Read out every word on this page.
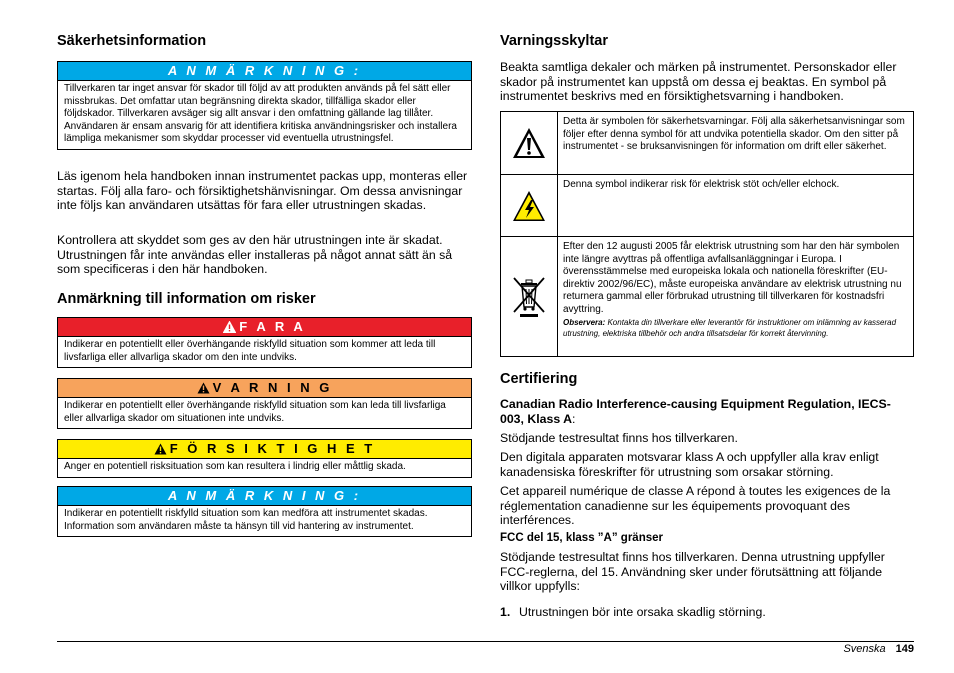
Säkerhetsinformation
A N M Ä R K N I N G :
Tillverkaren tar inget ansvar för skador till följd av att produkten används på fel sätt eller missbrukas. Det omfattar utan begränsning direkta skador, tillfälliga skador eller följdskador. Tillverkaren avsäger sig allt ansvar i den omfattning gällande lag tillåter. Användaren är ensam ansvarig för att identifiera kritiska användningsrisker och installera lämpliga mekanismer som skyddar processer vid eventuella utrustningsfel.

Läs igenom hela handboken innan instrumentet packas upp, monteras eller startas. Följ alla faro- och försiktighetshänvisningar. Om dessa anvisningar inte följs kan användaren utsättas för fara eller utrustningen skadas.

Kontrollera att skyddet som ges av den här utrustningen inte är skadat. Utrustningen får inte användas eller installeras på något annat sätt än så som specificeras i den här handboken.

Anmärkning till information om risker
F A R A
Indikerar en potentiellt eller överhängande riskfylld situation som kommer att leda till livsfarliga eller allvarliga skador om den inte undviks.
V A R N I N G
Indikerar en potentiellt eller överhängande riskfylld situation som kan leda till livsfarliga eller allvarliga skador om situationen inte undviks.
F Ö R S I K T I G H E T
Anger en potentiell risksituation som kan resultera i lindrig eller måttlig skada.
A N M Ä R K N I N G :
Indikerar en potentiellt riskfylld situation som kan medföra att instrumentet skadas. Information som användaren måste ta hänsyn till vid hantering av instrumentet.
Varningsskyltar

Beakta samtliga dekaler och märken på instrumentet. Personskador eller skador på instrumentet kan uppstå om dessa ej beaktas. En symbol på instrumentet beskrivs med en försiktighetsvarning i handboken.

Detta är symbolen för säkerhetsvarningar. Följ alla säkerhetsanvisningar som följer efter denna symbol för att undvika potentiella skador. Om den sitter på instrumentet - se bruksanvisningen för information om drift eller säkerhet.
Denna symbol indikerar risk för elektrisk stöt och/eller elchock.
Efter den 12 augusti 2005 får elektrisk utrustning som har den här symbolen inte längre avyttras på offentliga avfallsanläggningar i Europa. I överensstämmelse med europeiska lokala och nationella föreskrifter (EU-direktiv 2002/96/EC), måste europeiska användare av elektrisk utrustning nu returnera gammal eller förbrukad utrustning till tillverkaren för kostnadsfri avyttring.
Observera: Kontakta din tillverkare eller leverantör för instruktioner om inlämning av kasserad utrustning, elektriska tillbehör och andra tillsatsdelar för korrekt återvinning.
Certifiering

Canadian Radio Interference-causing Equipment Regulation, IECS-003, Klass A:

Stödjande testresultat finns hos tillverkaren.

Den digitala apparaten motsvarar klass A och uppfyller alla krav enligt kanadensiska föreskrifter för utrustning som orsakar störning.

Cet appareil numérique de classe A répond à toutes les exigences de la réglementation canadienne sur les équipements provoquant des interférences.

FCC del 15, klass ”A” gränser

Stödjande testresultat finns hos tillverkaren. Denna utrustning uppfyller FCC-reglerna, del 15. Användning sker under förutsättning att följande villkor uppfylls:

1. Utrustningen bör inte orsaka skadlig störning.

Svenska 149
